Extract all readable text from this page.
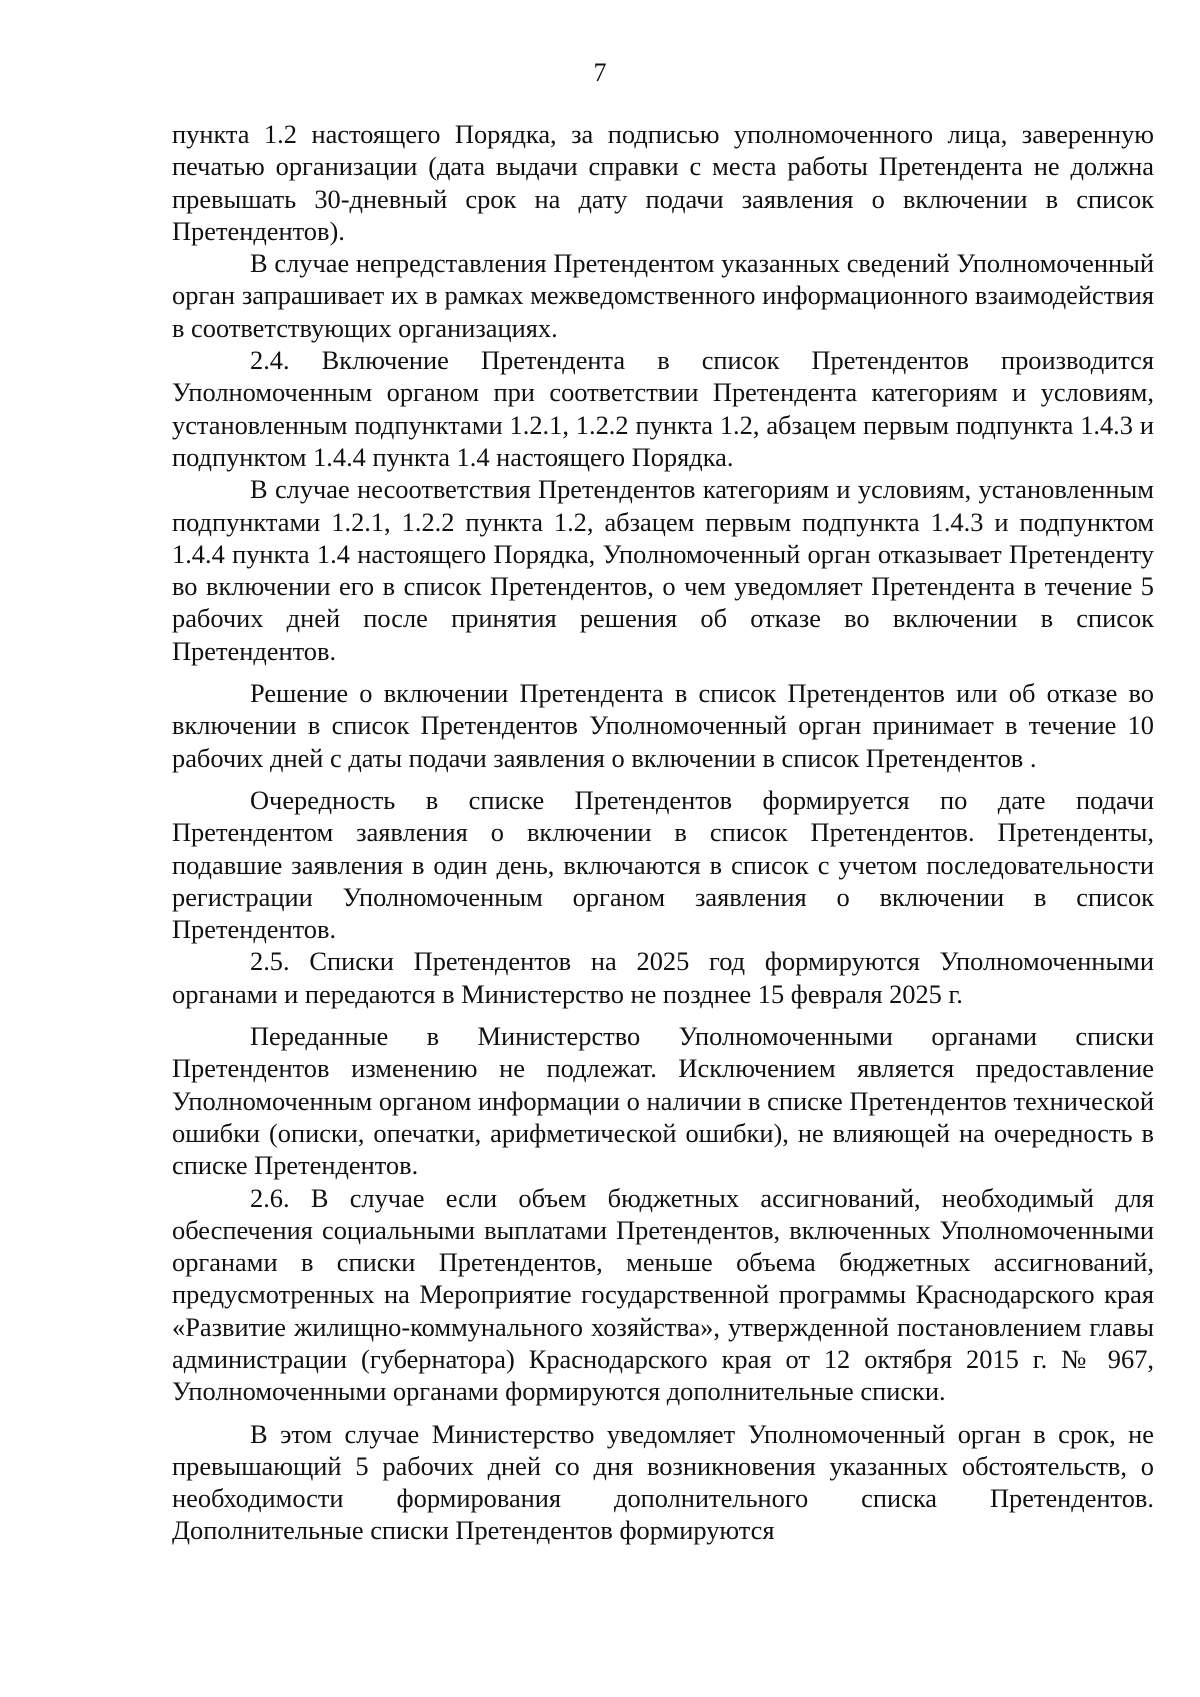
7

пункта 1.2 настоящего Порядка, за подписью уполномоченного лица, заверенную печатью организации (дата выдачи справки с места работы Претендента не должна превышать 30-дневный срок на дату подачи заявления о включении в список Претендентов).

В случае непредставления Претендентом указанных сведений Уполномоченный орган запрашивает их в рамках межведомственного информационного взаимодействия в соответствующих организациях.

2.4. Включение Претендента в список Претендентов производится Уполномоченным органом при соответствии Претендента категориям и условиям, установленным подпунктами 1.2.1, 1.2.2 пункта 1.2, абзацем первым подпункта 1.4.3 и подпунктом 1.4.4 пункта 1.4 настоящего Порядка.

В случае несоответствия Претендентов категориям и условиям, установленным подпунктами 1.2.1, 1.2.2 пункта 1.2, абзацем первым подпункта 1.4.3 и подпунктом 1.4.4 пункта 1.4 настоящего Порядка, Уполномоченный орган отказывает Претенденту во включении его в список Претендентов, о чем уведомляет Претендента в течение 5 рабочих дней после принятия решения об отказе во включении в список Претендентов.

Решение о включении Претендента в список Претендентов или об отказе во включении в список Претендентов Уполномоченный орган принимает в течение 10 рабочих дней с даты подачи заявления о включении в список Претендентов .

Очередность в списке Претендентов формируется по дате подачи Претендентом заявления о включении в список Претендентов. Претенденты, подавшие заявления в один день, включаются в список с учетом последовательности регистрации Уполномоченным органом заявления о включении в список Претендентов.

2.5. Списки Претендентов на 2025 год формируются Уполномоченными органами и передаются в Министерство не позднее 15 февраля 2025 г.

Переданные в Министерство Уполномоченными органами списки Претендентов изменению не подлежат. Исключением является предоставление Уполномоченным органом информации о наличии в списке Претендентов технической ошибки (описки, опечатки, арифметической ошибки), не влияющей на очередность в списке Претендентов.

2.6. В случае если объем бюджетных ассигнований, необходимый для обеспечения социальными выплатами Претендентов, включенных Уполномоченными органами в списки Претендентов, меньше объема бюджетных ассигнований, предусмотренных на Мероприятие государственной программы Краснодарского края «Развитие жилищно-коммунального хозяйства», утвержденной постановлением главы администрации (губернатора) Краснодарского края от 12 октября 2015 г. № 967, Уполномоченными органами формируются дополнительные списки.

В этом случае Министерство уведомляет Уполномоченный орган в срок, не превышающий 5 рабочих дней со дня возникновения указанных обстоятельств, о необходимости формирования дополнительного списка Претендентов. Дополнительные списки Претендентов формируются
